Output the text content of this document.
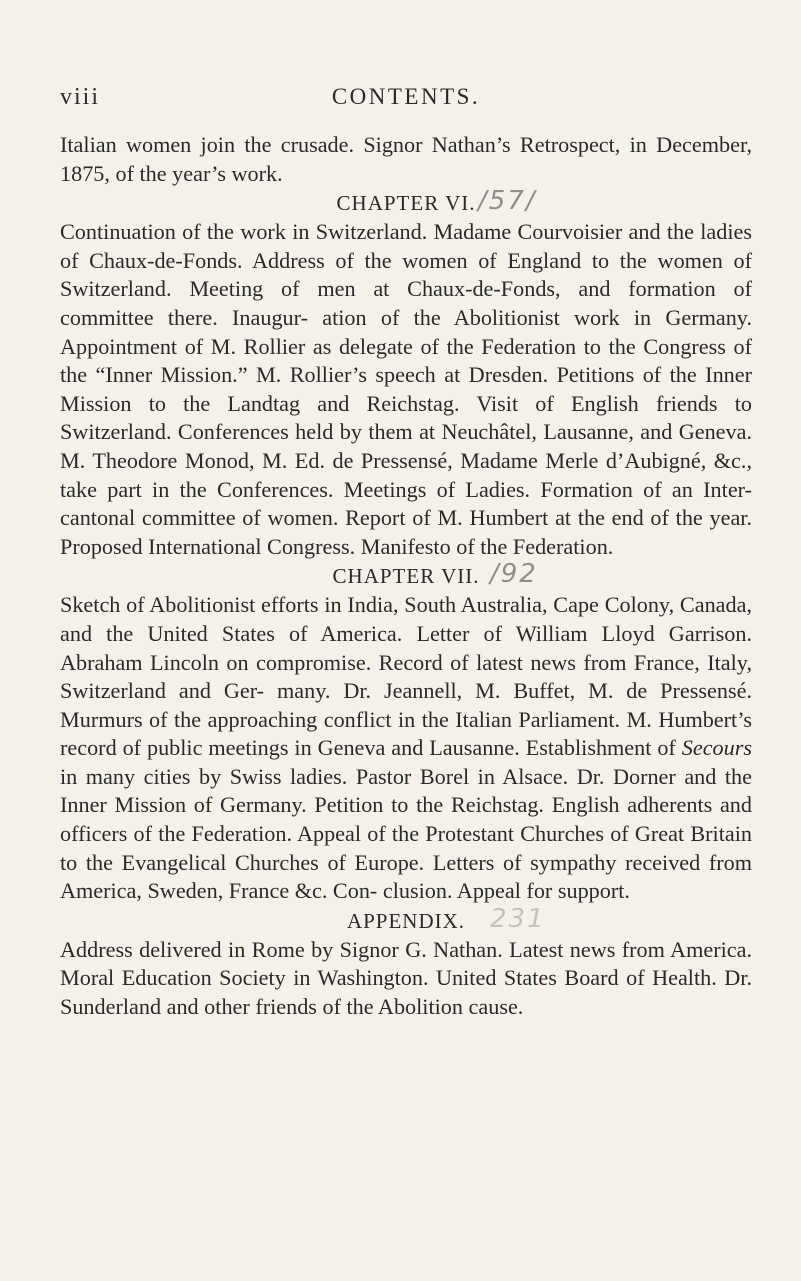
viii	CONTENTS.

Italian women join the crusade. Signor Nathan’s Retrospect, in December, 1875, of the year’s work.

CHAPTER VI. /57/

Continuation of the work in Switzerland. Madame Courvoisier and the ladies of Chaux-de-Fonds. Address of the women of England to the women of Switzerland. Meeting of men at Chaux-de-Fonds, and formation of committee there. Inaugur- ation of the Abolitionist work in Germany. Appointment of M. Rollier as delegate of the Federation to the Congress of the “Inner Mission.” M. Rollier’s speech at Dresden. Petitions of the Inner Mission to the Landtag and Reichstag. Visit of English friends to Switzerland. Conferences held by them at Neuchâtel, Lausanne, and Geneva. M. Theodore Monod, M. Ed. de Pressensé, Madame Merle d’Aubigné, &c., take part in the Conferences. Meetings of Ladies. Formation of an Inter- cantonal committee of women. Report of M. Humbert at the end of the year. Proposed International Congress. Manifesto of the Federation.

CHAPTER VII. /92

Sketch of Abolitionist efforts in India, South Australia, Cape Colony, Canada, and the United States of America. Letter of William Lloyd Garrison. Abraham Lincoln on compromise. Record of latest news from France, Italy, Switzerland and Ger- many. Dr. Jeannell, M. Buffet, M. de Pressensé. Murmurs of the approaching conflict in the Italian Parliament. M. Humbert’s record of public meetings in Geneva and Lausanne. Establishment of Secours in many cities by Swiss ladies. Pastor Borel in Alsace. Dr. Dorner and the Inner Mission of Germany. Petition to the Reichstag. English adherents and officers of the Federation. Appeal of the Protestant Churches of Great Britain to the Evangelical Churches of Europe. Letters of sympathy received from America, Sweden, France &c. Con- clusion. Appeal for support.

APPENDIX. 231

Address delivered in Rome by Signor G. Nathan. Latest news from America. Moral Education Society in Washington. United States Board of Health. Dr. Sunderland and other friends of the Abolition cause.
